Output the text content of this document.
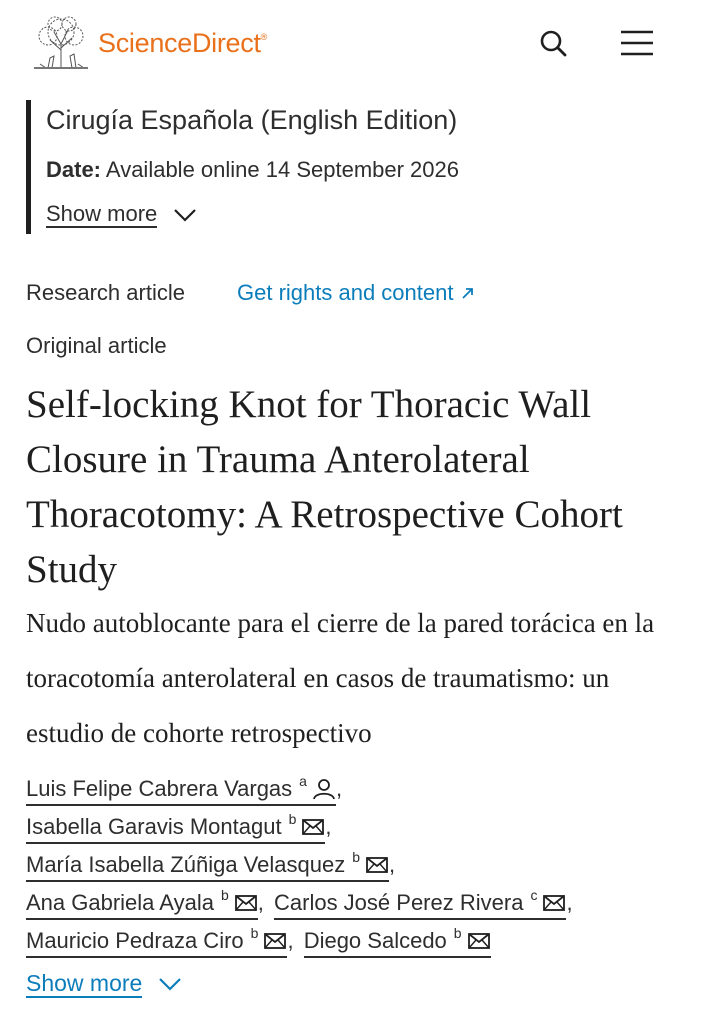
ScienceDirect®
Cirugía Española (English Edition)
Date: Available online 14 September 2026
Show more
Research article Get rights and content
Original article
Self-locking Knot for Thoracic Wall Closure in Trauma Anterolateral Thoracotomy: A Retrospective Cohort Study

Nudo autoblocante para el cierre de la pared torácica en la toracotomía anterolateral en casos de traumatismo: un estudio de cohorte retrospectivo

Luis Felipe Cabrera Vargas $^a$ ,
Isabella Garavis Montagut $^b$ ,
María Isabella Zúñiga Velasquez $^b$ ,
Ana Gabriela Ayala $^b$ , Carlos José Perez Rivera $^c$ ,
Mauricio Pedraza Ciro $^b$ , Diego Salcedo $^b$
Show more
